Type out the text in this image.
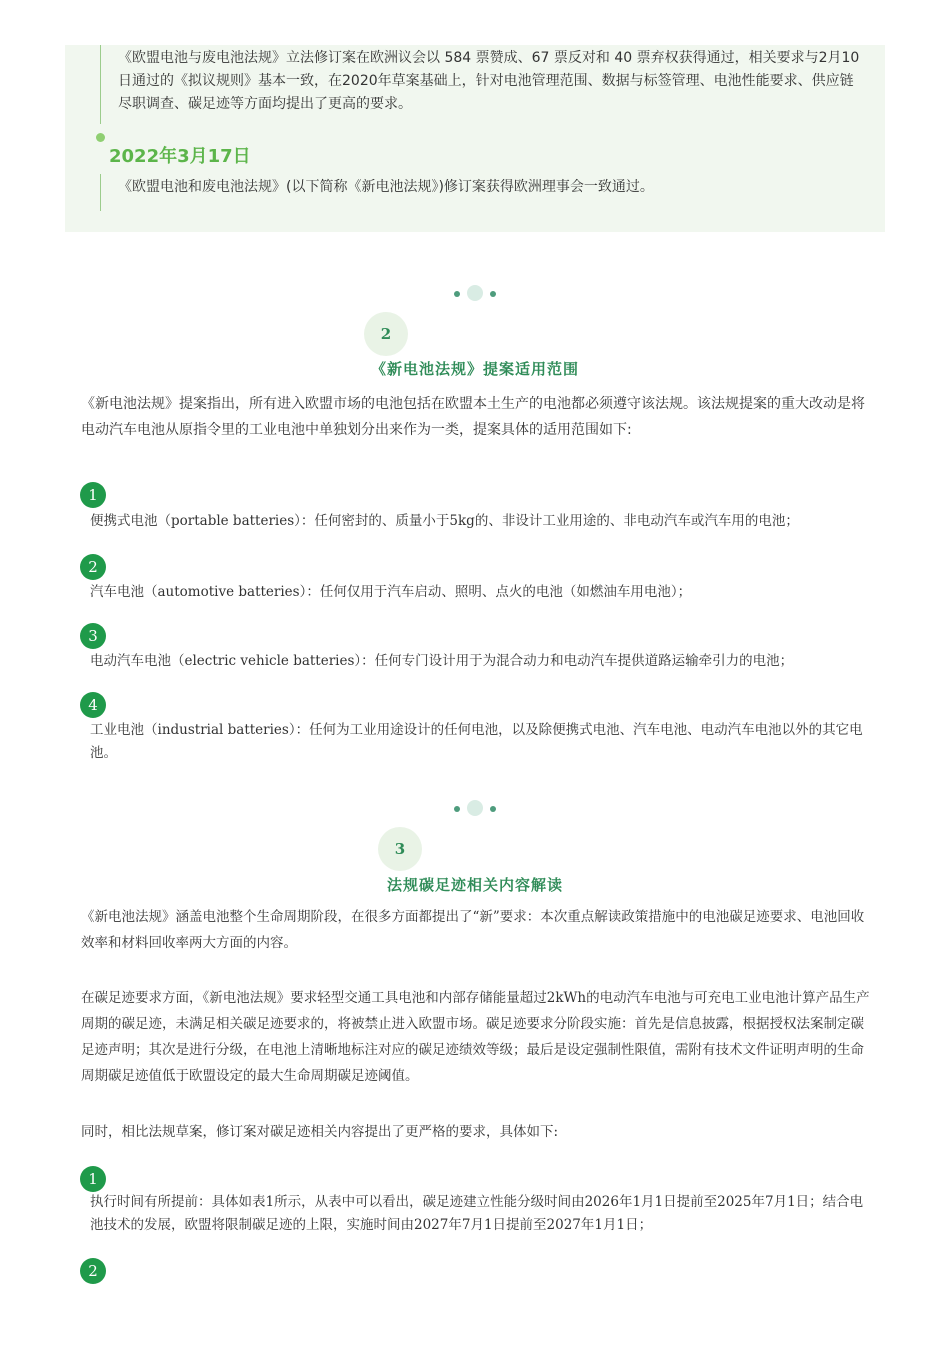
《欧盟电池与废电池法规》立法修订案在欧洲议会以 584 票赞成、67 票反对和 40 票弃权获得通过，相关要求与2月10日通过的《拟议规则》基本一致，在2020年草案基础上，针对电池管理范围、数据与标签管理、电池性能要求、供应链尽职调查、碳足迹等方面均提出了更高的要求。
2022年3月17日
《欧盟电池和废电池法规》(以下简称《新电池法规》)修订案获得欧洲理事会一致通过。
2
《新电池法规》提案适用范围
《新电池法规》提案指出，所有进入欧盟市场的电池包括在欧盟本土生产的电池都必须遵守该法规。该法规提案的重大改动是将电动汽车电池从原指令里的工业电池中单独划分出来作为一类，提案具体的适用范围如下:
1
便携式电池（portable batteries）：任何密封的、质量小于5kg的、非设计工业用途的、非电动汽车或汽车用的电池；
2
汽车电池（automotive batteries）：任何仅用于汽车启动、照明、点火的电池（如燃油车用电池）；
3
电动汽车电池（electric vehicle batteries）：任何专门设计用于为混合动力和电动汽车提供道路运输牵引力的电池；
4
工业电池（industrial batteries）：任何为工业用途设计的任何电池，以及除便携式电池、汽车电池、电动汽车电池以外的其它电池。
3
法规碳足迹相关内容解读
《新电池法规》涵盖电池整个生命周期阶段，在很多方面都提出了“新”要求：本次重点解读政策措施中的电池碳足迹要求、电池回收效率和材料回收率两大方面的内容。
在碳足迹要求方面，《新电池法规》要求轻型交通工具电池和内部存储能量超过2kWh的电动汽车电池与可充电工业电池计算产品生产周期的碳足迹，未满足相关碳足迹要求的，将被禁止进入欧盟市场。碳足迹要求分阶段实施：首先是信息披露，根据授权法案制定碳足迹声明；其次是进行分级，在电池上清晰地标注对应的碳足迹绩效等级；最后是设定强制性限值，需附有技术文件证明声明的生命周期碳足迹值低于欧盟设定的最大生命周期碳足迹阈值。
同时，相比法规草案，修订案对碳足迹相关内容提出了更严格的要求，具体如下:
1
执行时间有所提前：具体如表1所示，从表中可以看出，碳足迹建立性能分级时间由2026年1月1日提前至2025年7月1日；结合电池技术的发展，欧盟将限制碳足迹的上限，实施时间由2027年7月1日提前至2027年1月1日；
2
